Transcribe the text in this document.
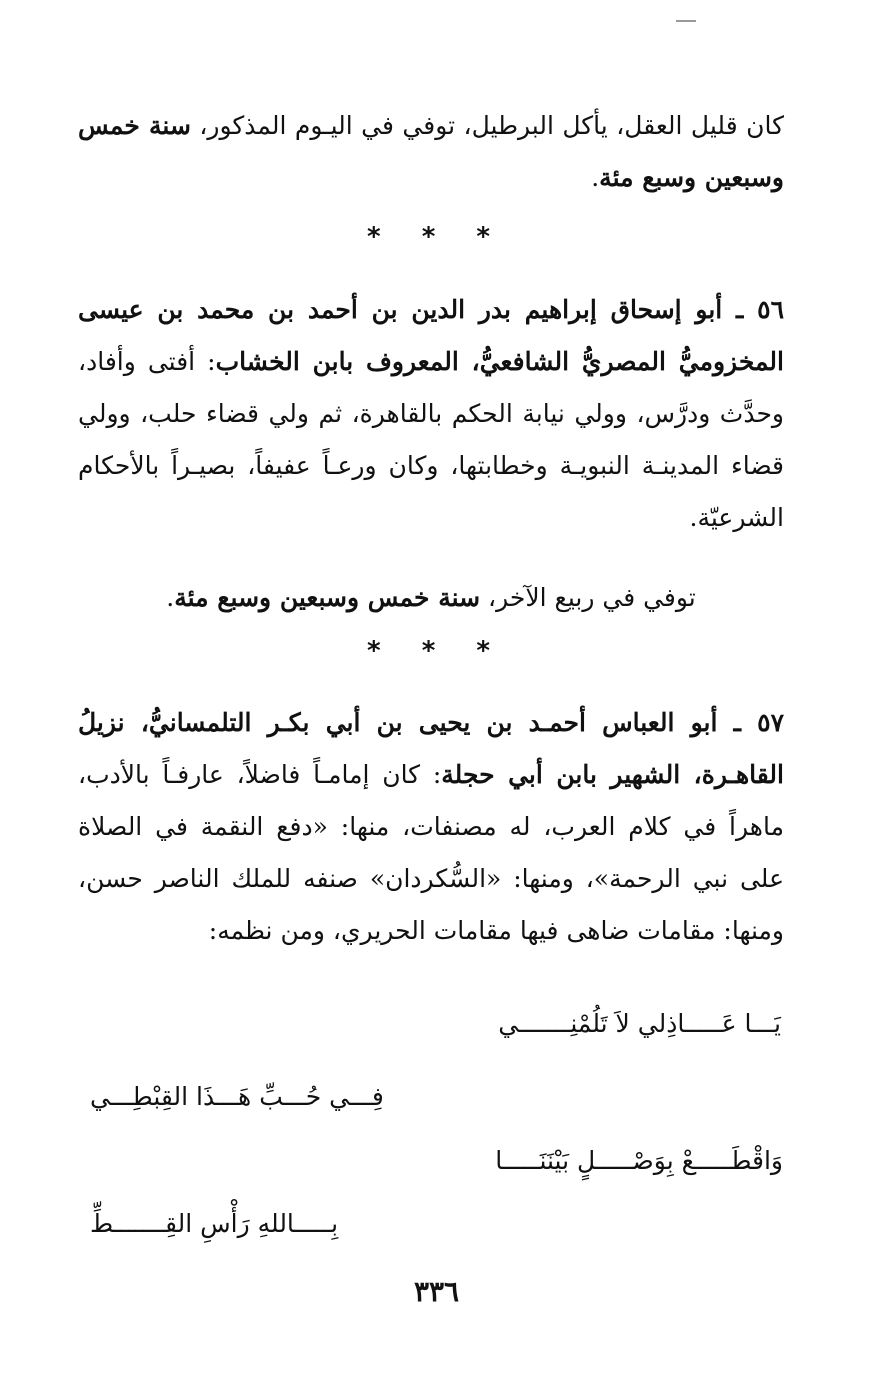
كان قليل العقل، يأكل البرطيل، توفي في اليـوم المذكور، سنة خمس وسبعين وسبع مئة.
* * *
٥٦ ـ أبو إسحاق إبراهيم بدر الدين بن أحمد بن محمد بن عيسى المخزوميُّ المصريُّ الشافعيُّ، المعروف بابن الخشاب: أفتى وأفاد، وحدَّث ودرَّس، وولي نيابة الحكم بالقاهرة، ثم ولي قضاء حلب، وولي قضاء المدينـة النبويـة وخطابتها، وكان ورعـاً عفيفاً، بصيـراً بالأحكام الشرعيّة.
توفي في ربيع الآخر، سنة خمس وسبعين وسبع مئة.
* * *
٥٧ ـ أبو العباس أحمـد بن يحيى بن أبي بكـر التلمسانيُّ، نزيلُ القاهـرة، الشهير بابن أبي حجلة: كان إمامـاً فاضلاً، عارفـاً بالأدب، ماهراً في كلام العرب، له مصنفات، منها: «دفع النقمة في الصلاة على نبي الرحمة»، ومنها: «السُّكردان» صنفه للملك الناصر حسن، ومنها: مقامات ضاهى فيها مقامات الحريري، ومن نظمه:
يَـــا عَـــــاذِلي لاَ تَلُمْنِـــــــي
فِـــي حُـــبِّ هَـــذَا القِبْطِـــي
وَاقْطَـــــعْ بِوَصْـــــلٍ بَيْنَنَـــــا
بِـــــاللهِ رَأْسِ القِـــــــطِّ
٣٣٦
